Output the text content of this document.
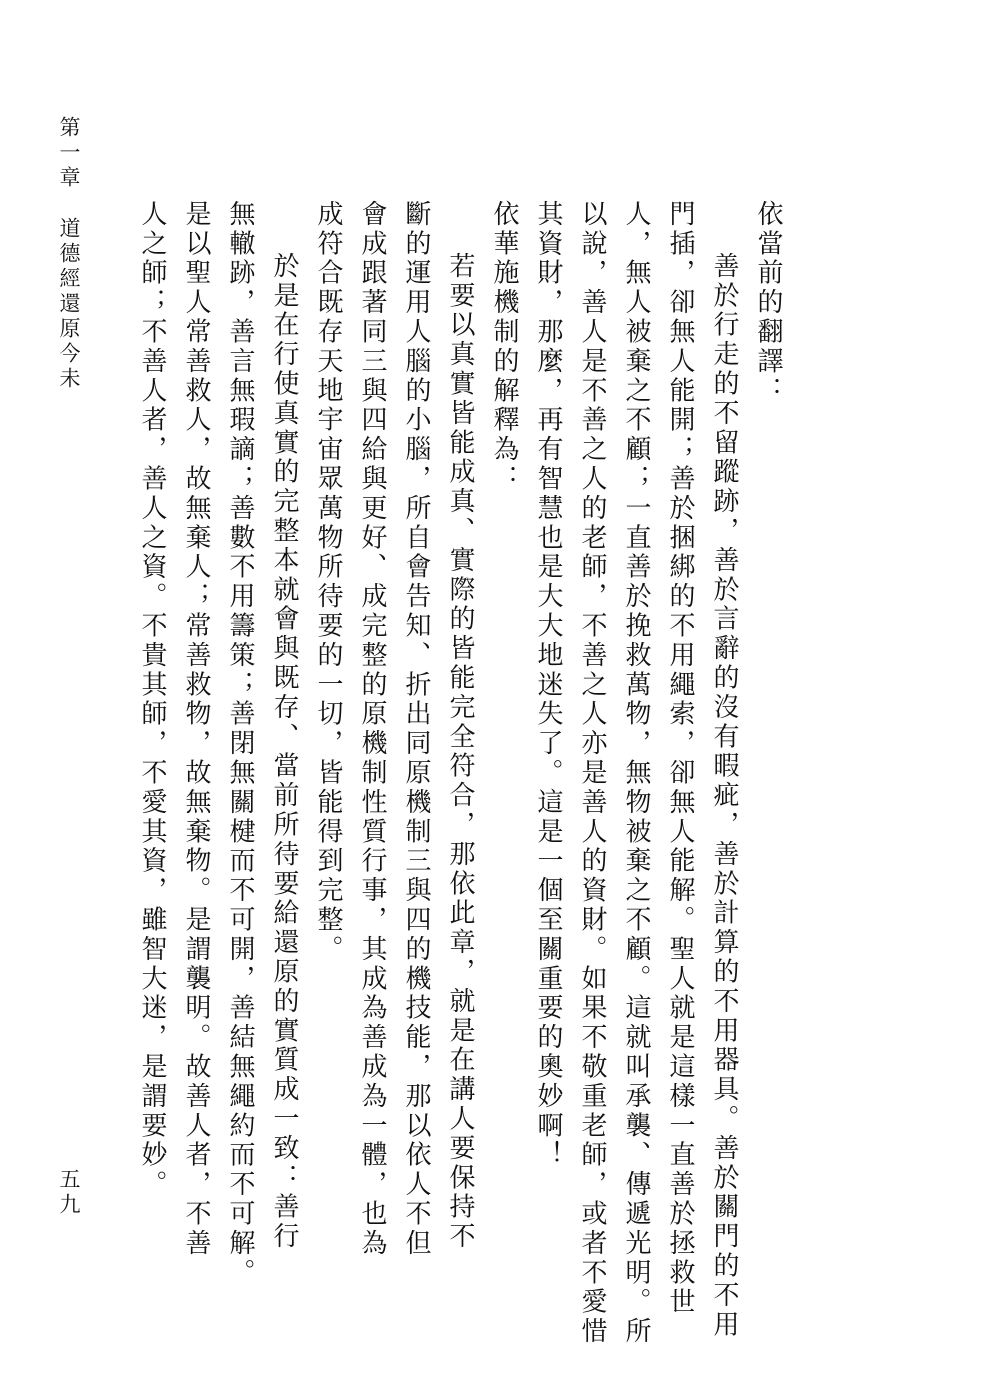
第一章道德經還原今未
五九

依當前的翻譯：

善於行走的不留蹤跡，善於言辭的沒有暇疵，善於計算的不用器具。善於關門的不用

門插，卻無人能開；善於捆綁的不用繩索，卻無人能解。聖人就是這樣一直善於拯救世

人，無人被棄之不顧；一直善於挽救萬物，無物被棄之不顧。這就叫承襲、傳遞光明。所

以說，善人是不善之人的老師，不善之人亦是善人的資財。如果不敬重老師，或者不愛惜

其資財，那麼，再有智慧也是大大地迷失了。這是一個至關重要的奧妙啊！

依華施機制的解釋為：

若要以真實皆能成真、實際的皆能完全符合，那依此章，就是在講人要保持不

斷的運用人腦的小腦，所自會告知、折出同原機制三與四的機技能，那以依人不但

會成跟著同三與四給與更好、成完整的原機制性質行事，其成為善成為一體，也為

成符合既存天地宇宙眾萬物所待要的一切，皆能得到完整。

於是在行使真實的完整本就會與既存、當前所待要給還原的實質成一致：善行

無轍跡，善言無瑕謫；善數不用籌策；善閉無關楗而不可開，善結無繩約而不可解。

是以聖人常善救人，故無棄人；常善救物，故無棄物。是謂襲明。故善人者，不善

人之師；不善人者，善人之資。不貴其師，不愛其資，雖智大迷，是謂要妙。
